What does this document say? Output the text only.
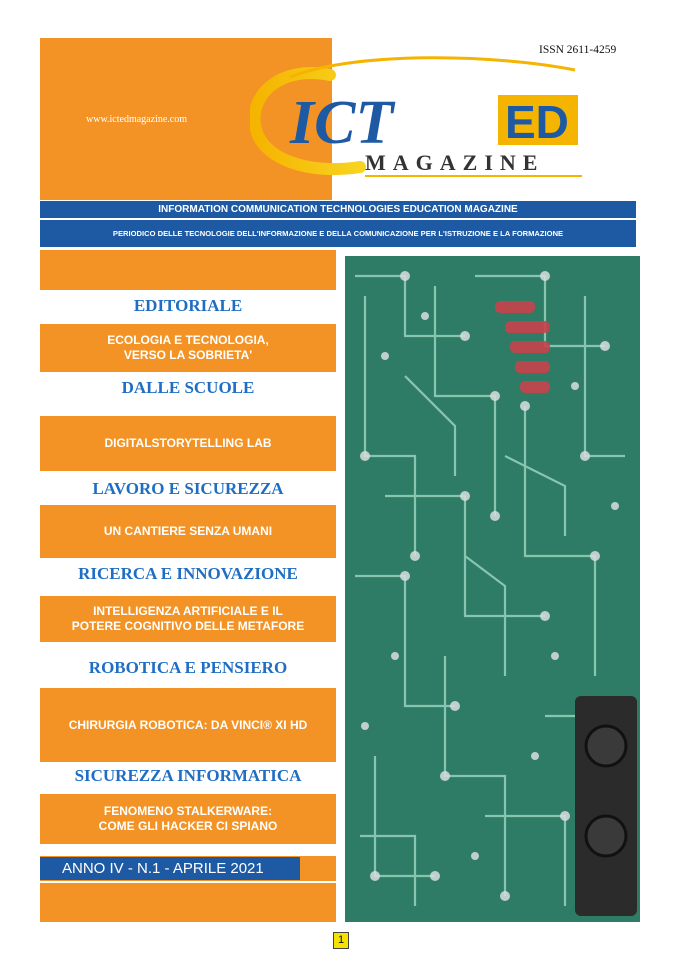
www.ictedmagazine.com
ISSN 2611-4259
ICT ED
MAGAZINE
INFORMATION COMMUNICATION TECHNOLOGIES EDUCATION MAGAZINE
PERIODICO DELLE TECNOLOGIE DELL'INFORMAZIONE E DELLA COMUNICAZIONE PER L'ISTRUZIONE E LA FORMAZIONE
EDITORIALE
DALLE SCUOLE
LAVORO E SICUREZZA
RICERCA E INNOVAZIONE
ROBOTICA E PENSIERO
SICUREZZA INFORMATICA
ECOLOGIA E TECNOLOGIA,
VERSO LA SOBRIETA'
DIGITALSTORYTELLING LAB
UN CANTIERE SENZA UMANI
INTELLIGENZA ARTIFICIALE E IL
POTERE COGNITIVO DELLE METAFORE
CHIRURGIA ROBOTICA: DA VINCI® XI HD
FENOMENO STALKERWARE:
COME GLI HACKER CI SPIANO
ANNO IV - N.1 - APRILE 2021
1
